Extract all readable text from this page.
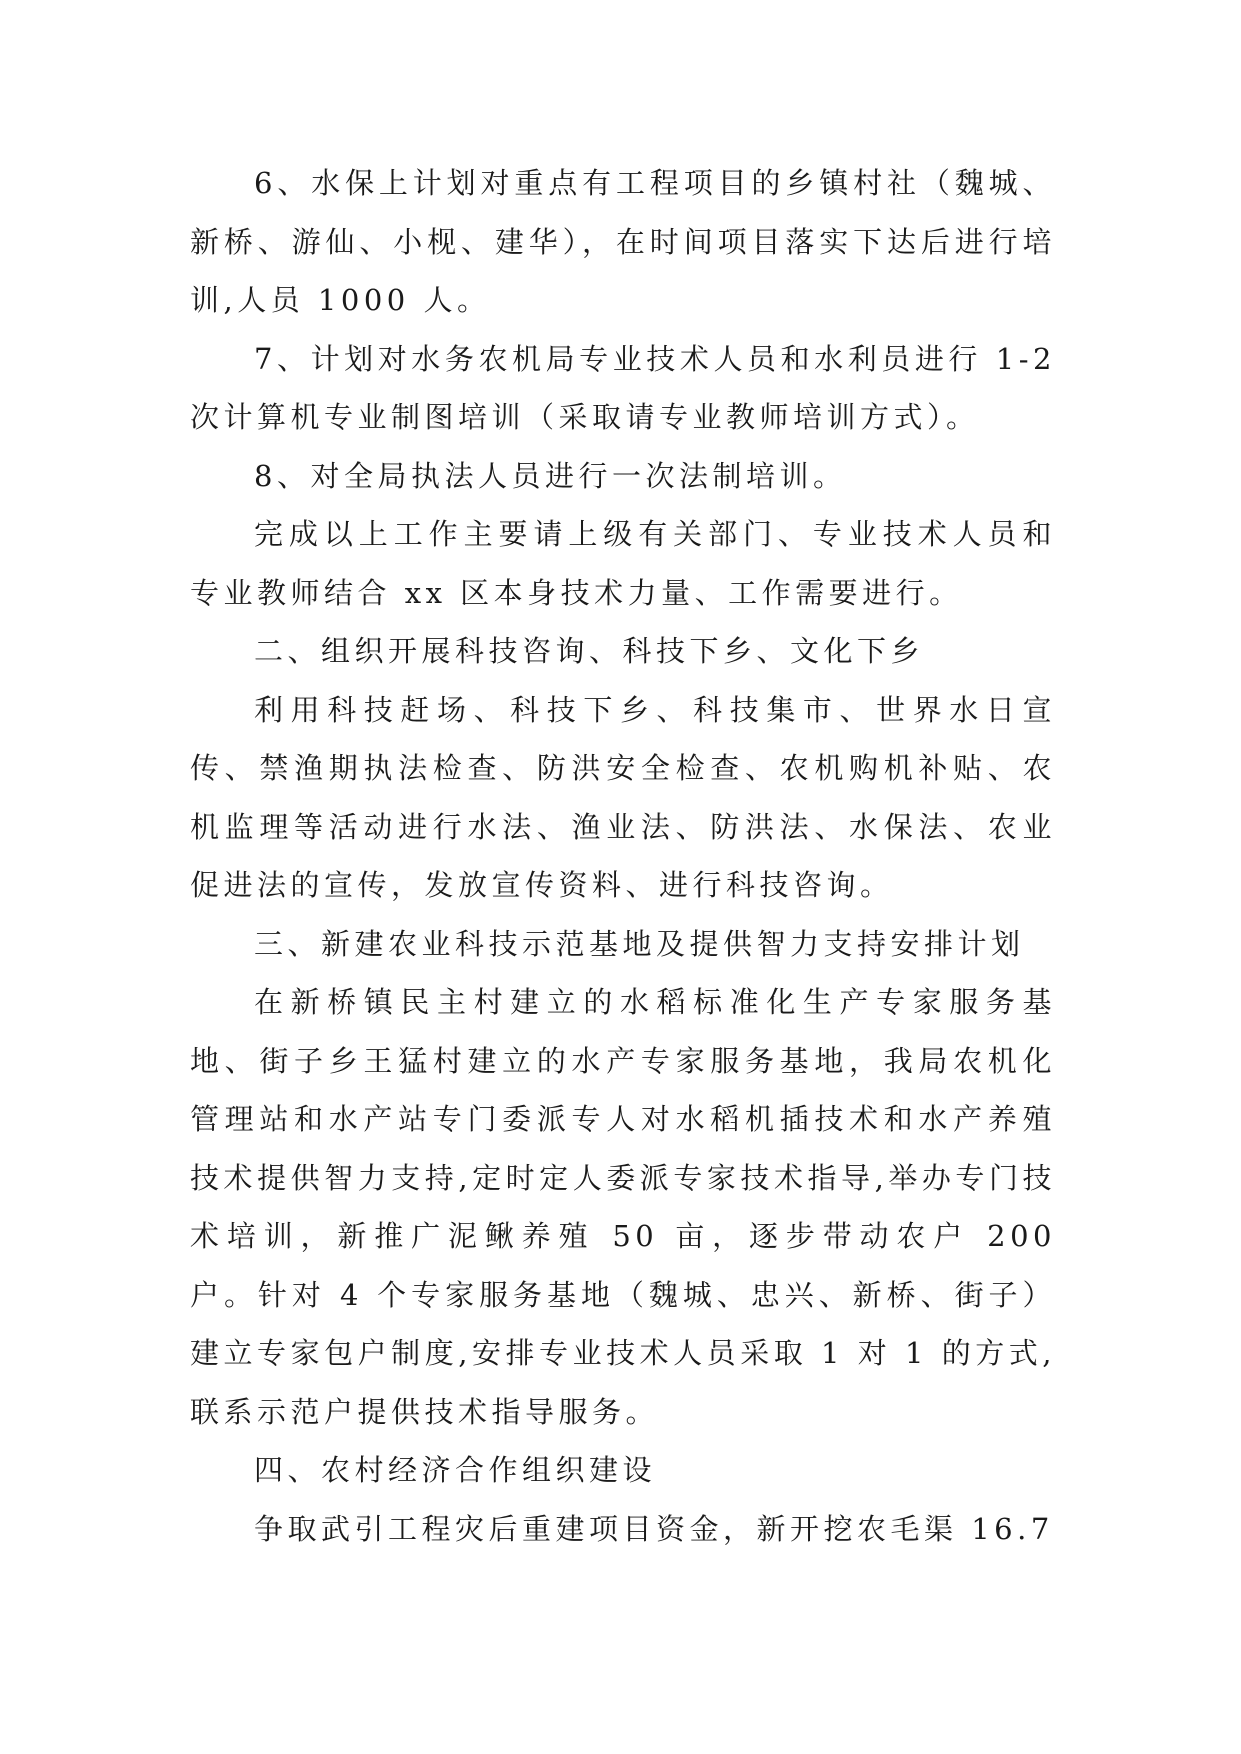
6、水保上计划对重点有工程项目的乡镇村社（魏城、新桥、游仙、小枧、建华），在时间项目落实下达后进行培训,人员 1000 人。

7、计划对水务农机局专业技术人员和水利员进行 1-2 次计算机专业制图培训（采取请专业教师培训方式）。

8、对全局执法人员进行一次法制培训。

完成以上工作主要请上级有关部门、专业技术人员和专业教师结合 xx 区本身技术力量、工作需要进行。

二、组织开展科技咨询、科技下乡、文化下乡

利用科技赶场、科技下乡、科技集市、世界水日宣传、禁渔期执法检查、防洪安全检查、农机购机补贴、农机监理等活动进行水法、渔业法、防洪法、水保法、农业促进法的宣传，发放宣传资料、进行科技咨询。

三、新建农业科技示范基地及提供智力支持安排计划

在新桥镇民主村建立的水稻标准化生产专家服务基地、街子乡王猛村建立的水产专家服务基地，我局农机化管理站和水产站专门委派专人对水稻机插技术和水产养殖技术提供智力支持,定时定人委派专家技术指导,举办专门技术培训，新推广泥鳅养殖 50 亩，逐步带动农户 200 户。针对 4 个专家服务基地（魏城、忠兴、新桥、街子）建立专家包户制度,安排专业技术人员采取 1 对 1 的方式,联系示范户提供技术指导服务。

四、农村经济合作组织建设

争取武引工程灾后重建项目资金，新开挖农毛渠 16.7
